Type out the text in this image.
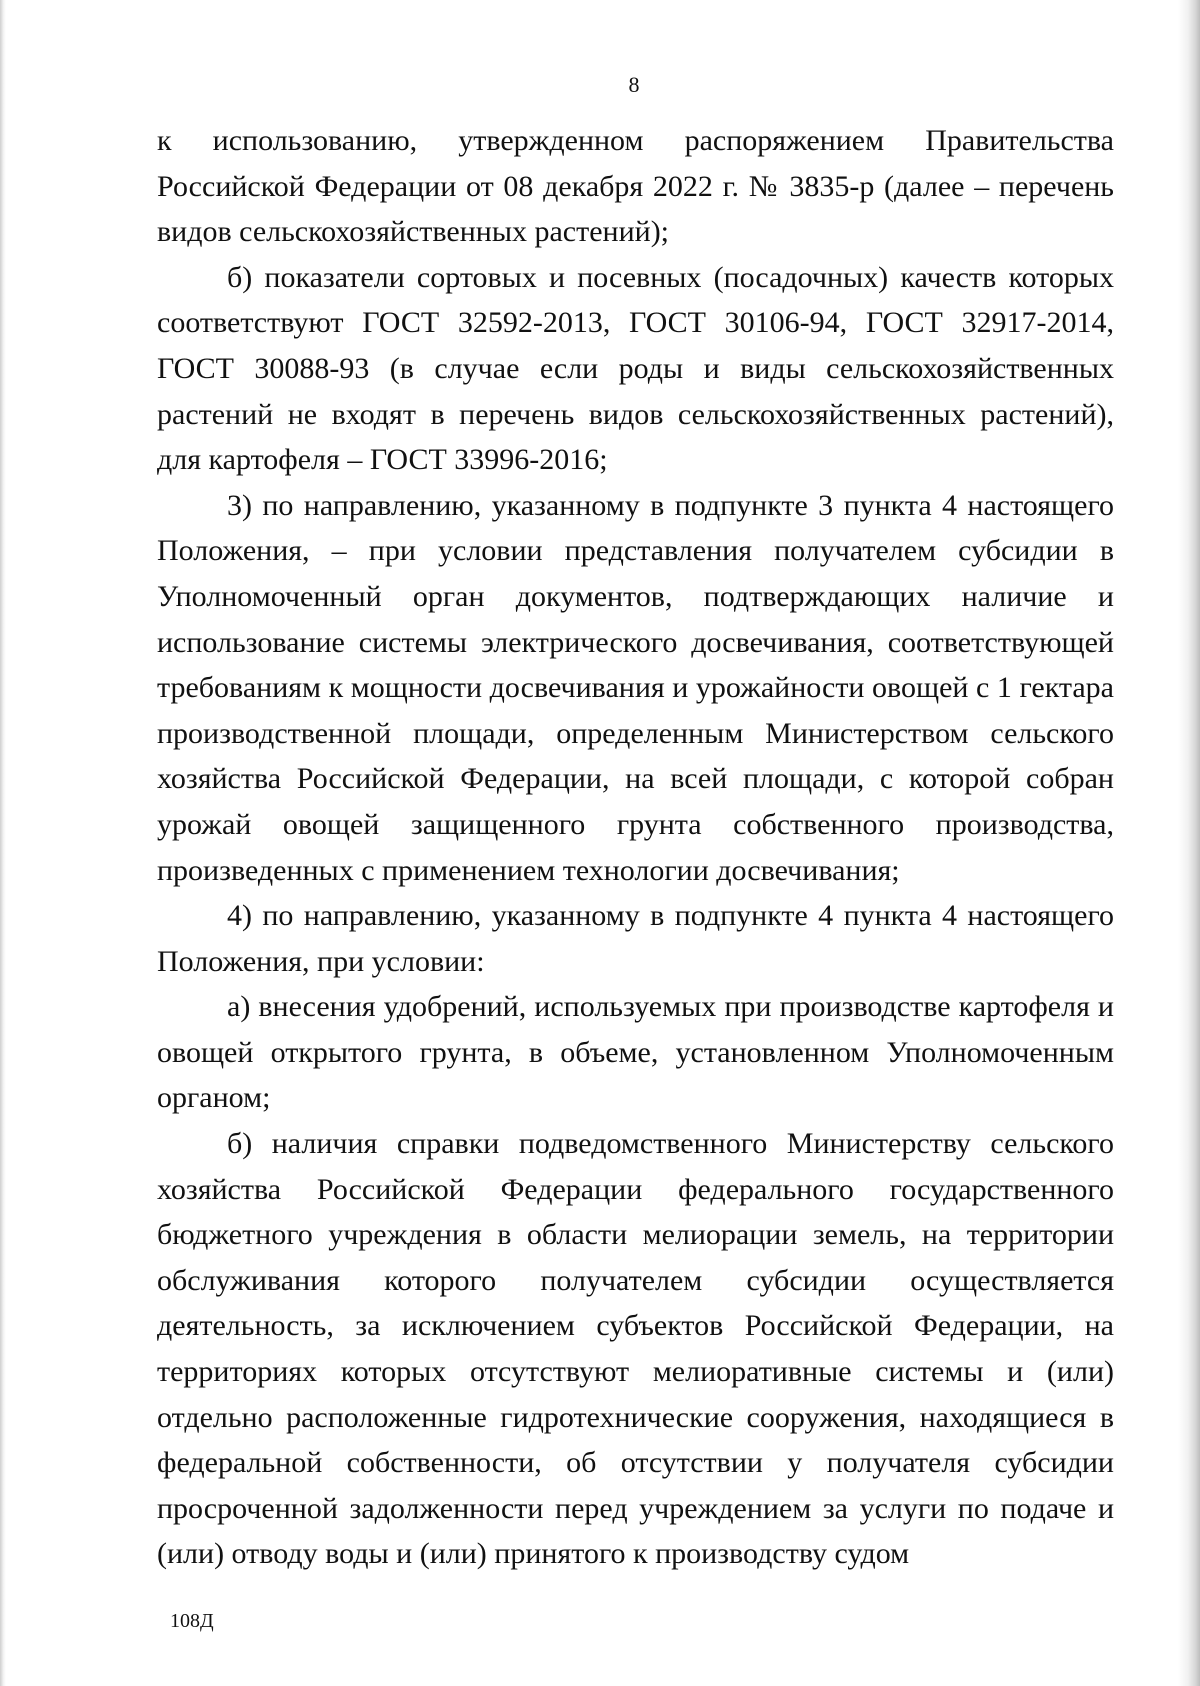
8

к использованию, утвержденном распоряжением Правительства Российской Федерации от 08 декабря 2022 г. № 3835-р (далее – перечень видов сельскохозяйственных растений);

б) показатели сортовых и посевных (посадочных) качеств которых соответствуют ГОСТ 32592-2013, ГОСТ 30106-94, ГОСТ 32917-2014, ГОСТ 30088-93 (в случае если роды и виды сельскохозяйственных растений не входят в перечень видов сельскохозяйственных растений), для картофеля – ГОСТ 33996-2016;

3) по направлению, указанному в подпункте 3 пункта 4 настоящего Положения, – при условии представления получателем субсидии в Уполномоченный орган документов, подтверждающих наличие и использование системы электрического досвечивания, соответствующей требованиям к мощности досвечивания и урожайности овощей с 1 гектара производственной площади, определенным Министерством сельского хозяйства Российской Федерации, на всей площади, с которой собран урожай овощей защищенного грунта собственного производства, произведенных с применением технологии досвечивания;

4) по направлению, указанному в подпункте 4 пункта 4 настоящего Положения, при условии:

а) внесения удобрений, используемых при производстве картофеля и овощей открытого грунта, в объеме, установленном Уполномоченным органом;

б) наличия справки подведомственного Министерству сельского хозяйства Российской Федерации федерального государственного бюджетного учреждения в области мелиорации земель, на территории обслуживания которого получателем субсидии осуществляется деятельность, за исключением субъектов Российской Федерации, на территориях которых отсутствуют мелиоративные системы и (или) отдельно расположенные гидротехнические сооружения, находящиеся в федеральной собственности, об отсутствии у получателя субсидии просроченной задолженности перед учреждением за услуги по подаче и (или) отводу воды и (или) принятого к производству судом

108Д
